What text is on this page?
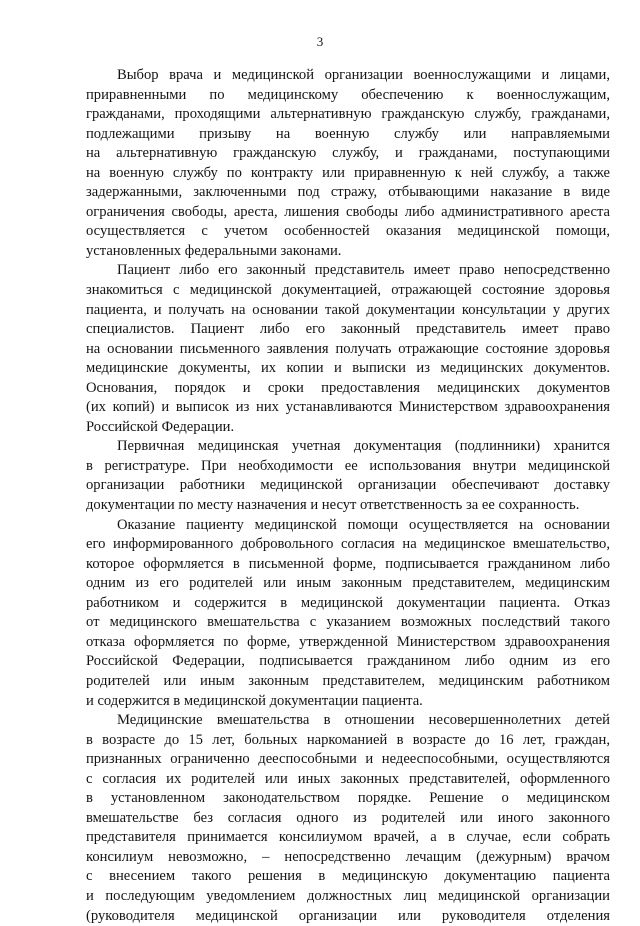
3
Выбор врача и медицинской организации военнослужащими и лицами,
приравненными по медицинскому обеспечению к военнослужащим,
гражданами, проходящими альтернативную гражданскую службу, гражданами,
подлежащими призыву на военную службу или направляемыми
на альтернативную гражданскую службу, и гражданами, поступающими
на военную службу по контракту или приравненную к ней службу, а также
задержанными, заключенными под стражу, отбывающими наказание в виде
ограничения свободы, ареста, лишения свободы либо административного ареста
осуществляется с учетом особенностей оказания медицинской помощи,
установленных федеральными законами.
Пациент либо его законный представитель имеет право непосредственно
знакомиться с медицинской документацией, отражающей состояние здоровья
пациента, и получать на основании такой документации консультации у других
специалистов. Пациент либо его законный представитель имеет право
на основании письменного заявления получать отражающие состояние здоровья
медицинские документы, их копии и выписки из медицинских документов.
Основания, порядок и сроки предоставления медицинских документов
(их копий) и выписок из них устанавливаются Министерством здравоохранения
Российской Федерации.
Первичная медицинская учетная документация (подлинники) хранится
в регистратуре. При необходимости ее использования внутри медицинской
организации работники медицинской организации обеспечивают доставку
документации по месту назначения и несут ответственность за ее сохранность.
Оказание пациенту медицинской помощи осуществляется на основании
его информированного добровольного согласия на медицинское вмешательство,
которое оформляется в письменной форме, подписывается гражданином либо
одним из его родителей или иным законным представителем, медицинским
работником и содержится в медицинской документации пациента. Отказ
от медицинского вмешательства с указанием возможных последствий такого
отказа оформляется по форме, утвержденной Министерством здравоохранения
Российской Федерации, подписывается гражданином либо одним из его
родителей или иным законным представителем, медицинским работником
и содержится в медицинской документации пациента.
Медицинские вмешательства в отношении несовершеннолетних детей
в возрасте до 15 лет, больных наркоманией в возрасте до 16 лет, граждан,
признанных ограниченно дееспособными и недееспособными, осуществляются
с согласия их родителей или иных законных представителей, оформленного
в установленном законодательством порядке. Решение о медицинском
вмешательстве без согласия одного из родителей или иного законного
представителя принимается консилиумом врачей, а в случае, если собрать
консилиум невозможно, – непосредственно лечащим (дежурным) врачом
с внесением такого решения в медицинскую документацию пациента
и последующим уведомлением должностных лиц медицинской организации
(руководителя медицинской организации или руководителя отделения
